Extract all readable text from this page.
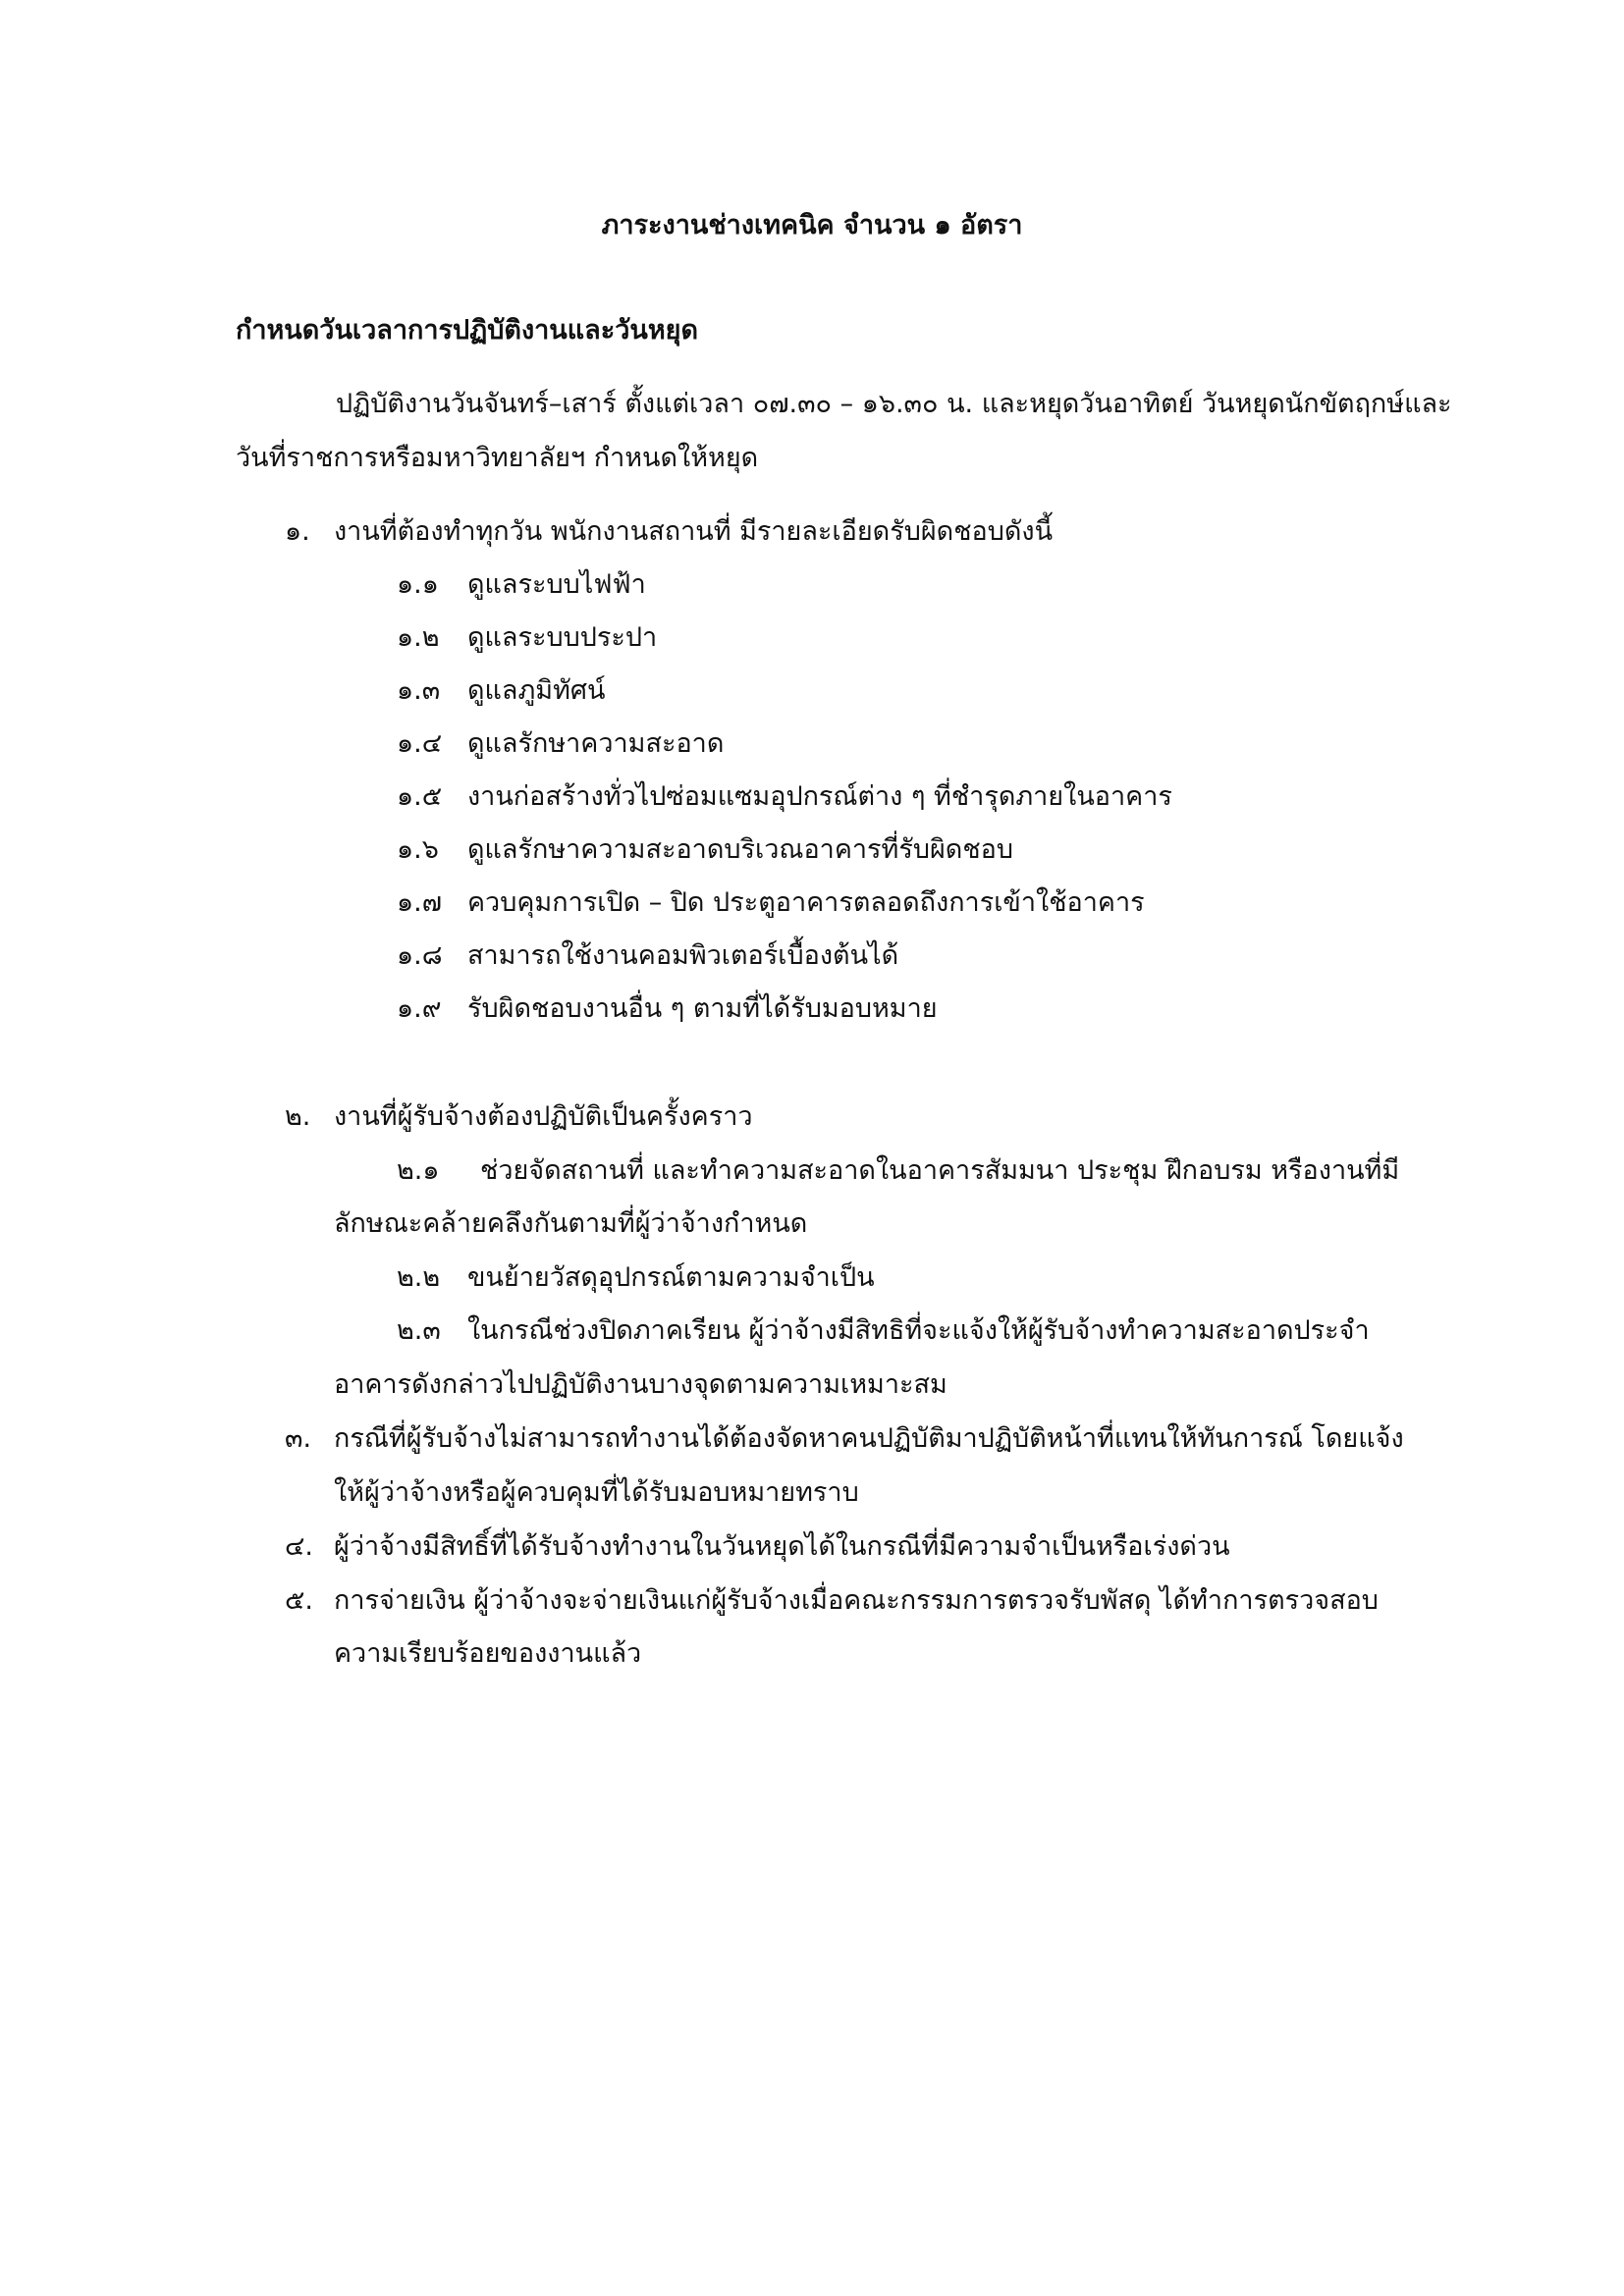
ภาระงานช่างเทคนิค จำนวน ๑ อัตรา
กำหนดวันเวลาการปฏิบัติงานและวันหยุด
ปฏิบัติงานวันจันทร์–เสาร์ ตั้งแต่เวลา ๐๗.๓๐ – ๑๖.๓๐ น. และหยุดวันอาทิตย์ วันหยุดนักขัตฤกษ์และ
วันที่ราชการหรือมหาวิทยาลัยฯ กำหนดให้หยุด
๑. งานที่ต้องทำทุกวัน พนักงานสถานที่ มีรายละเอียดรับผิดชอบดังนี้
๑.๑ ดูแลระบบไฟฟ้า
๑.๒ ดูแลระบบประปา
๑.๓ ดูแลภูมิทัศน์
๑.๔ ดูแลรักษาความสะอาด
๑.๕ งานก่อสร้างทั่วไปซ่อมแซมอุปกรณ์ต่าง ๆ ที่ชำรุดภายในอาคาร
๑.๖ ดูแลรักษาความสะอาดบริเวณอาคารที่รับผิดชอบ
๑.๗ ควบคุมการเปิด – ปิด ประตูอาคารตลอดถึงการเข้าใช้อาคาร
๑.๘ สามารถใช้งานคอมพิวเตอร์เบื้องต้นได้
๑.๙ รับผิดชอบงานอื่น ๆ ตามที่ได้รับมอบหมาย
๒. งานที่ผู้รับจ้างต้องปฏิบัติเป็นครั้งคราว
๒.๑ ช่วยจัดสถานที่ และทำความสะอาดในอาคารสัมมนา ประชุม ฝึกอบรม หรืองานที่มี
ลักษณะคล้ายคลึงกันตามที่ผู้ว่าจ้างกำหนด
๒.๒ ขนย้ายวัสดุอุปกรณ์ตามความจำเป็น
๒.๓ ในกรณีช่วงปิดภาคเรียน ผู้ว่าจ้างมีสิทธิที่จะแจ้งให้ผู้รับจ้างทำความสะอาดประจำ
อาคารดังกล่าวไปปฏิบัติงานบางจุดตามความเหมาะสม
๓. กรณีที่ผู้รับจ้างไม่สามารถทำงานได้ต้องจัดหาคนปฏิบัติมาปฏิบัติหน้าที่แทนให้ทันการณ์ โดยแจ้ง
ให้ผู้ว่าจ้างหรือผู้ควบคุมที่ได้รับมอบหมายทราบ
๔. ผู้ว่าจ้างมีสิทธิ์ที่ได้รับจ้างทำงานในวันหยุดได้ในกรณีที่มีความจำเป็นหรือเร่งด่วน
๕. การจ่ายเงิน ผู้ว่าจ้างจะจ่ายเงินแก่ผู้รับจ้างเมื่อคณะกรรมการตรวจรับพัสดุ ได้ทำการตรวจสอบ
ความเรียบร้อยของงานแล้ว
